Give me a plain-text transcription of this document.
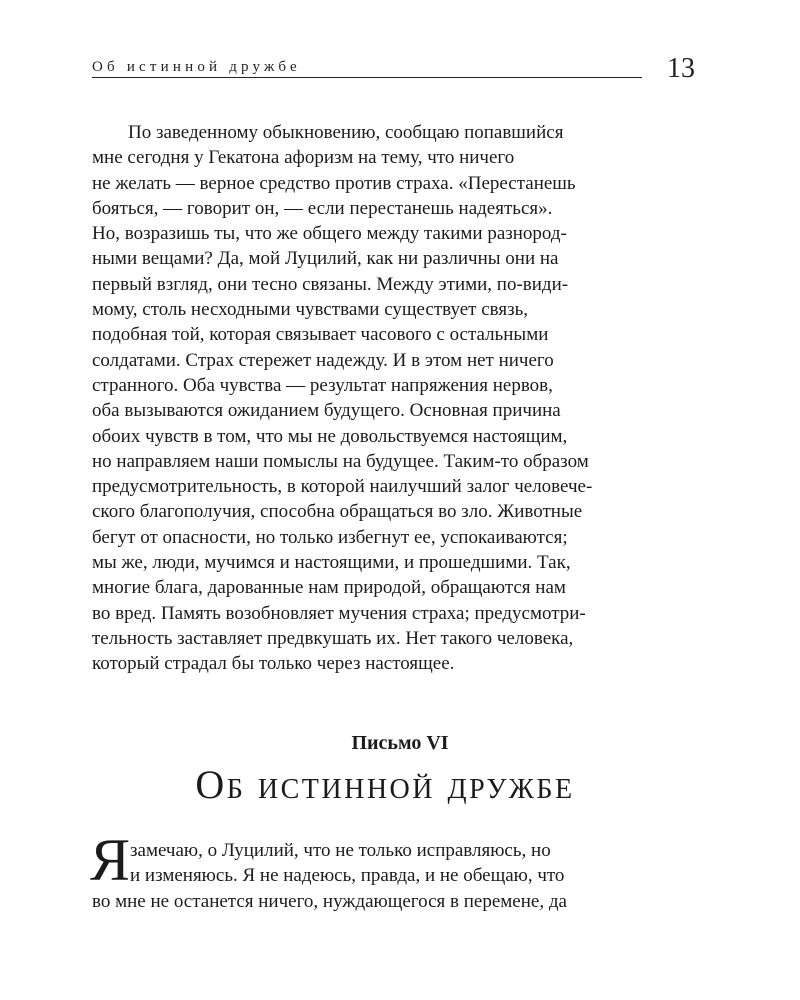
Об истинной дружбе	13
По заведенному обыкновению, сообщаю попавшийся
мне сегодня у Гекатона афоризм на тему, что ничего
не желать — верное средство против страха. «Перестанешь
бояться, — говорит он, — если перестанешь надеяться».
Но, возразишь ты, что же общего между такими разнород-
ными вещами? Да, мой Луцилий, как ни различны они на
первый взгляд, они тесно связаны. Между этими, по-види-
мому, столь несходными чувствами существует связь,
подобная той, которая связывает часового с остальными
солдатами. Страх стережет надежду. И в этом нет ничего
странного. Оба чувства — результат напряжения нервов,
оба вызываются ожиданием будущего. Основная причина
обоих чувств в том, что мы не довольствуемся настоящим,
но направляем наши помыслы на будущее. Таким-то образом
предусмотрительность, в которой наилучший залог человече-
ского благополучия, способна обращаться во зло. Животные
бегут от опасности, но только избегнут ее, успокаиваются;
мы же, люди, мучимся и настоящими, и прошедшими. Так,
многие блага, дарованные нам природой, обращаются нам
во вред. Память возобновляет мучения страха; предусмотри-
тельность заставляет предвкушать их. Нет такого человека,
который страдал бы только через настоящее.
Письмо VI
Об истинной дружбе
Я замечаю, о Луцилий, что не только исправляюсь, но
и изменяюсь. Я не надеюсь, правда, и не обещаю, что
во мне не останется ничего, нуждающегося в перемене, да
